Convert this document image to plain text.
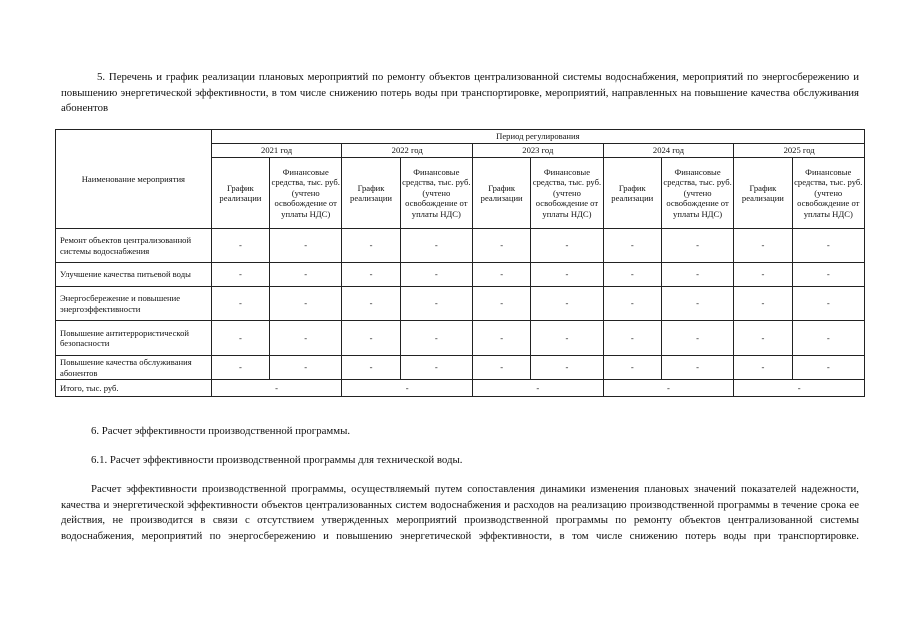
5. Перечень и график реализации плановых мероприятий по ремонту объектов централизованной системы водоснабжения, мероприятий по энергосбережению и повышению энергетической эффективности, в том числе снижению потерь воды при транспортировке, мероприятий, направленных на повышение качества обслуживания абонентов
Наименование мероприятия	Период регулирования									
	2021 год		2022 год		2023 год		2024 год		2025 год	
	График реализации	Финансовые средства, тыс. руб. (учтено освобождение от уплаты НДС)	График реализации	Финансовые средства, тыс. руб. (учтено освобождение от уплаты НДС)	График реализации	Финансовые средства, тыс. руб. (учтено освобождение от уплаты НДС)	График реализации	Финансовые средства, тыс. руб. (учтено освобождение от уплаты НДС)	График реализации	Финансовые средства, тыс. руб. (учтено освобождение от уплаты НДС)
Ремонт объектов централизованной системы водоснабжения	-	-	-	-	-	-	-	-	-	-
Улучшение качества питьевой воды	-	-	-	-	-	-	-	-	-	-
Энергосбережение и повышение энергоэффективности	-	-	-	-	-	-	-	-	-	-
Повышение антитеррористической безопасности	-	-	-	-	-	-	-	-	-	-
Повышение качества обслуживания абонентов	-	-	-	-	-	-	-	-	-	-
Итого, тыс. руб.	-		-		-		-		-	
6. Расчет эффективности производственной программы.
6.1. Расчет эффективности производственной программы для технической воды.
Расчет эффективности производственной программы, осуществляемый путем сопоставления динамики изменения плановых значений показателей надежности, качества и энергетической эффективности объектов централизованных систем водоснабжения и расходов на реализацию производственной программы в течение срока ее действия, не производится в связи с отсутствием утвержденных мероприятий производственной программы по ремонту объектов централизованной системы водоснабжения, мероприятий по энергосбережению и повышению энергетической эффективности, в том числе снижению потерь воды при транспортировке.
